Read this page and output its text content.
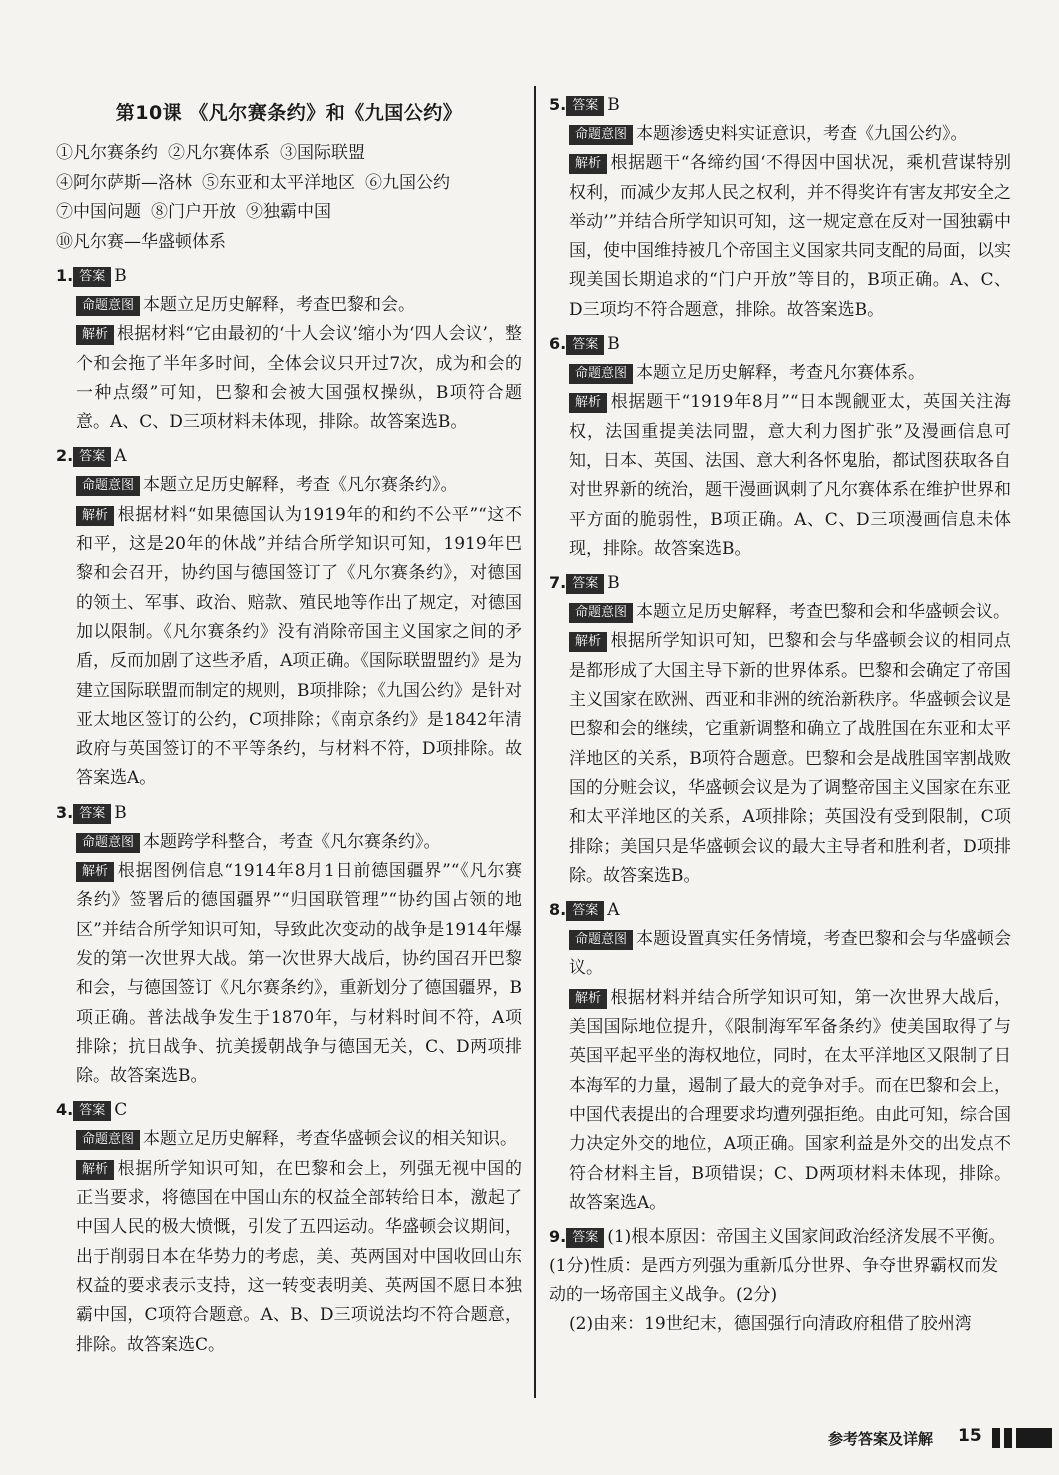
第10课 《凡尔赛条约》和《九国公约》
①凡尔赛条约 ②凡尔赛体系 ③国际联盟
④阿尔萨斯—洛林 ⑤东亚和太平洋地区 ⑥九国公约
⑦中国问题 ⑧门户开放 ⑨独霸中国
⑩凡尔赛—华盛顿体系
1. 答案 B
命题意图 本题立足历史解释，考查巴黎和会。
解析 根据材料“它由最初的‘十人会议’缩小为‘四人会议’，整个和会拖了半年多时间，全体会议只开过7次，成为和会的一种点缀”可知，巴黎和会被大国强权操纵，B项符合题意。A、C、D三项材料未体现，排除。故答案选B。
2. 答案 A
命题意图 本题立足历史解释，考查《凡尔赛条约》。
解析 根据材料“如果德国认为1919年的和约不公平”“这不和平，这是20年的休战”并结合所学知识可知，1919年巴黎和会召开，协约国与德国签订了《凡尔赛条约》，对德国的领土、军事、政治、赔款、殖民地等作出了规定，对德国加以限制。《凡尔赛条约》没有消除帝国主义国家之间的矛盾，反而加剧了这些矛盾，A项正确。《国际联盟盟约》是为建立国际联盟而制定的规则，B项排除；《九国公约》是针对亚太地区签订的公约，C项排除；《南京条约》是1842年清政府与英国签订的不平等条约，与材料不符，D项排除。故答案选A。
3. 答案 B
命题意图 本题跨学科整合，考查《凡尔赛条约》。
解析 根据图例信息“1914年8月1日前德国疆界”“《凡尔赛条约》签署后的德国疆界”“归国联管理”“协约国占领的地区”并结合所学知识可知，导致此次变动的战争是1914年爆发的第一次世界大战。第一次世界大战后，协约国召开巴黎和会，与德国签订《凡尔赛条约》，重新划分了德国疆界，B项正确。普法战争发生于1870年，与材料时间不符，A项排除；抗日战争、抗美援朝战争与德国无关，C、D两项排除。故答案选B。
4. 答案 C
命题意图 本题立足历史解释，考查华盛顿会议的相关知识。
解析 根据所学知识可知，在巴黎和会上，列强无视中国的正当要求，将德国在中国山东的权益全部转给日本，激起了中国人民的极大愤慨，引发了五四运动。华盛顿会议期间，出于削弱日本在华势力的考虑，美、英两国对中国收回山东权益的要求表示支持，这一转变表明美、英两国不愿日本独霸中国，C项符合题意。A、B、D三项说法均不符合题意，排除。故答案选C。
5. 答案 B
命题意图 本题渗透史料实证意识，考查《九国公约》。
解析 根据题干“各缔约国‘不得因中国状况，乘机营谋特别权利，而减少友邦人民之权利，并不得奖许有害友邦安全之举动’”并结合所学知识可知，这一规定意在反对一国独霸中国，使中国维持被几个帝国主义国家共同支配的局面，以实现美国长期追求的“门户开放”等目的，B项正确。A、C、D三项均不符合题意，排除。故答案选B。
6. 答案 B
命题意图 本题立足历史解释，考查凡尔赛体系。
解析 根据题干“1919年8月”“日本觊觎亚太，英国关注海权，法国重提美法同盟，意大利力图扩张”及漫画信息可知，日本、英国、法国、意大利各怀鬼胎，都试图获取各自对世界新的统治，题干漫画讽刺了凡尔赛体系在维护世界和平方面的脆弱性，B项正确。A、C、D三项漫画信息未体现，排除。故答案选B。
7. 答案 B
命题意图 本题立足历史解释，考查巴黎和会和华盛顿会议。
解析 根据所学知识可知，巴黎和会与华盛顿会议的相同点是都形成了大国主导下新的世界体系。巴黎和会确定了帝国主义国家在欧洲、西亚和非洲的统治新秩序。华盛顿会议是巴黎和会的继续，它重新调整和确立了战胜国在东亚和太平洋地区的关系，B项符合题意。巴黎和会是战胜国宰割战败国的分赃会议，华盛顿会议是为了调整帝国主义国家在东亚和太平洋地区的关系，A项排除；英国没有受到限制，C项排除；美国只是华盛顿会议的最大主导者和胜利者，D项排除。故答案选B。
8. 答案 A
命题意图 本题设置真实任务情境，考查巴黎和会与华盛顿会议。
解析 根据材料并结合所学知识可知，第一次世界大战后，美国国际地位提升，《限制海军军备条约》使美国取得了与英国平起平坐的海权地位，同时，在太平洋地区又限制了日本海军的力量，遏制了最大的竞争对手。而在巴黎和会上，中国代表提出的合理要求均遭列强拒绝。由此可知，综合国力决定外交的地位，A项正确。国家利益是外交的出发点不符合材料主旨，B项错误；C、D两项材料未体现，排除。故答案选A。
9. 答案 (1)根本原因：帝国主义国家间政治经济发展不平衡。(1分)性质：是西方列强为重新瓜分世界、争夺世界霸权而发动的一场帝国主义战争。(2分)
(2)由来：19世纪末，德国强行向清政府租借了胶州湾
参考答案及详解 15
